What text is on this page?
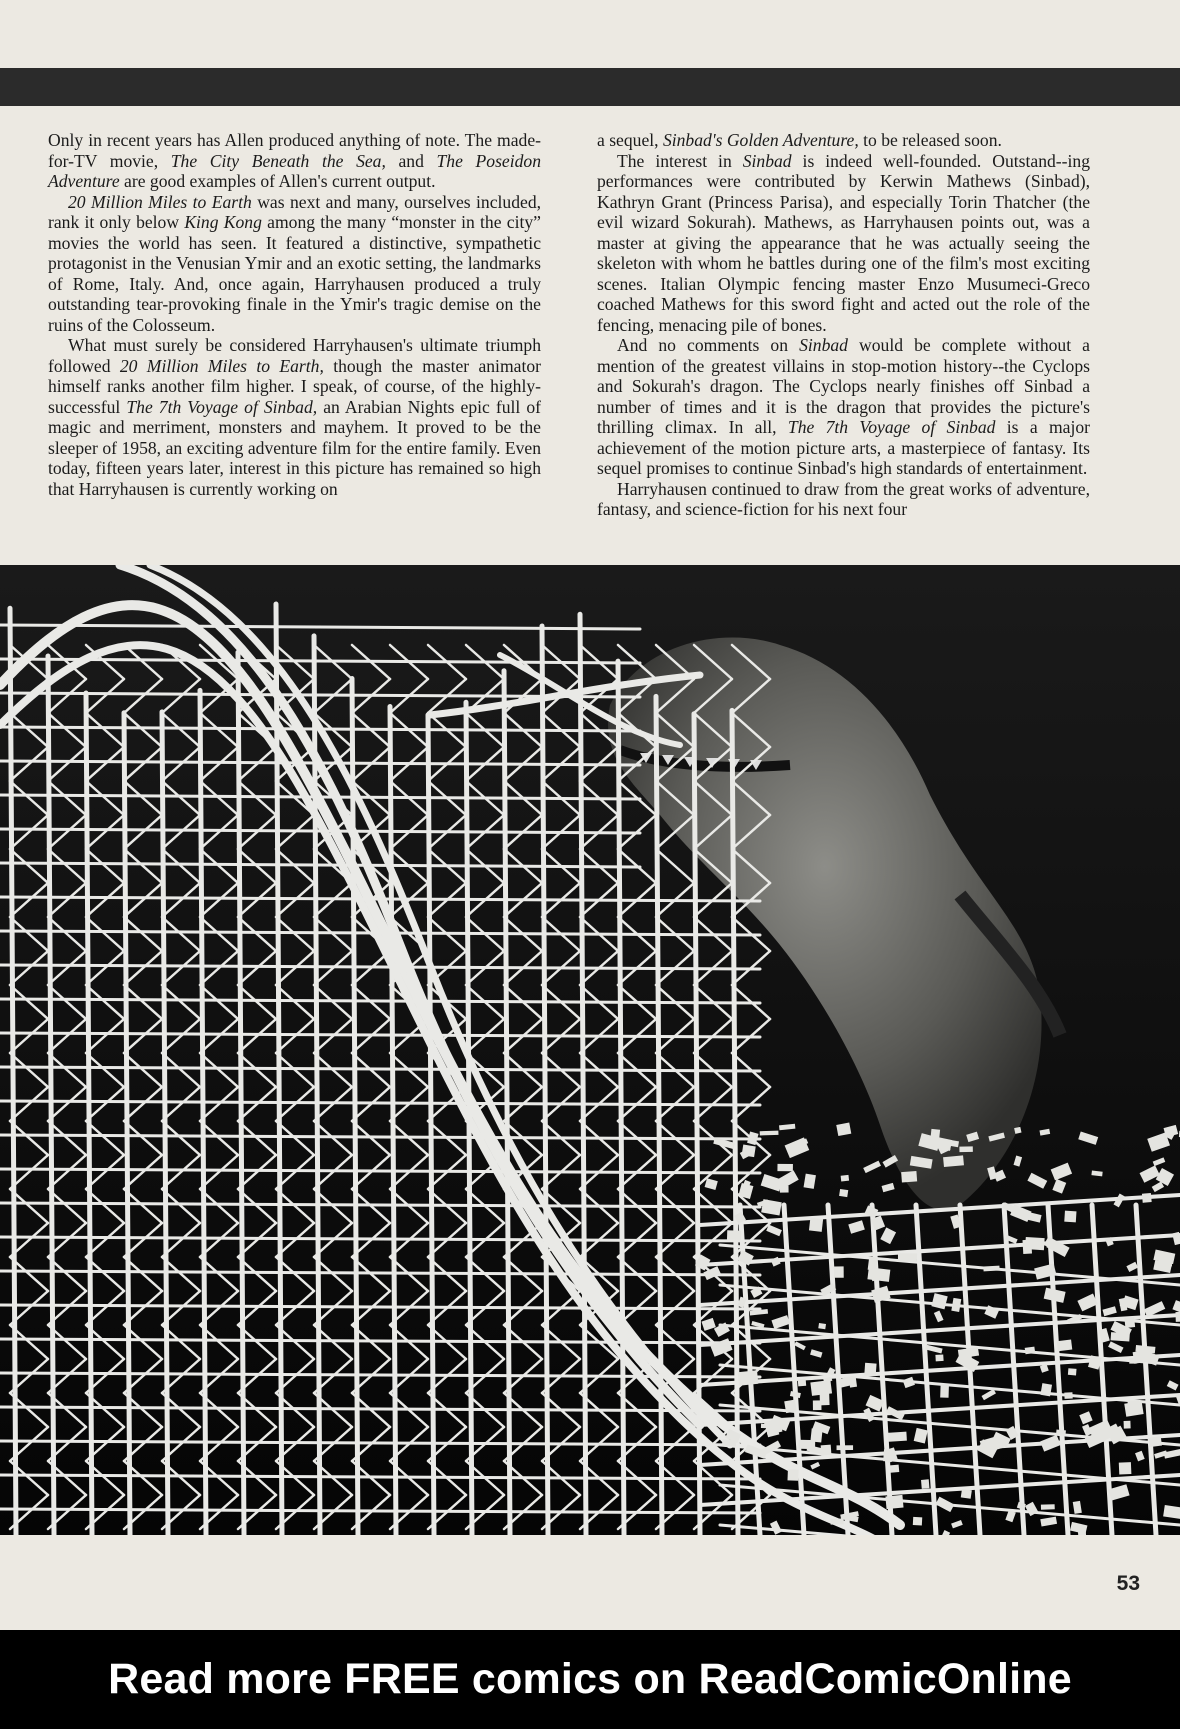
Only in recent years has Allen produced anything of note. The made-for-TV movie, The City Beneath the Sea, and The Poseidon Adventure are good examples of Allen's current output.

20 Million Miles to Earth was next and many, ourselves included, rank it only below King Kong among the many “monster in the city” movies the world has seen. It featured a distinctive, sympathetic protagonist in the Venusian Ymir and an exotic setting, the landmarks of Rome, Italy. And, once again, Harryhausen produced a truly outstanding tear-provoking finale in the Ymir's tragic demise on the ruins of the Colosseum.

What must surely be considered Harryhausen's ultimate triumph followed 20 Million Miles to Earth, though the master animator himself ranks another film higher. I speak, of course, of the highly-successful The 7th Voyage of Sinbad, an Arabian Nights epic full of magic and merriment, monsters and mayhem. It proved to be the sleeper of 1958, an exciting adventure film for the entire family. Even today, fifteen years later, interest in this picture has remained so high that Harryhausen is currently working on

a sequel, Sinbad's Golden Adventure, to be released soon.

The interest in Sinbad is indeed well-founded. Outstand--ing performances were contributed by Kerwin Mathews (Sinbad), Kathryn Grant (Princess Parisa), and especially Torin Thatcher (the evil wizard Sokurah). Mathews, as Harryhausen points out, was a master at giving the appearance that he was actually seeing the skeleton with whom he battles during one of the film's most exciting scenes. Italian Olympic fencing master Enzo Musumeci-Greco coached Mathews for this sword fight and acted out the role of the fencing, menacing pile of bones.

And no comments on Sinbad would be complete without a mention of the greatest villains in stop-motion history--the Cyclops and Sokurah's dragon. The Cyclops nearly finishes off Sinbad a number of times and it is the dragon that provides the picture's thrilling climax. In all, The 7th Voyage of Sinbad is a major achievement of the motion picture arts, a masterpiece of fantasy. Its sequel promises to continue Sinbad's high standards of entertainment.

Harryhausen continued to draw from the great works of adventure, fantasy, and science-fiction for his next four

53
Read more FREE comics on ReadComicOnline
